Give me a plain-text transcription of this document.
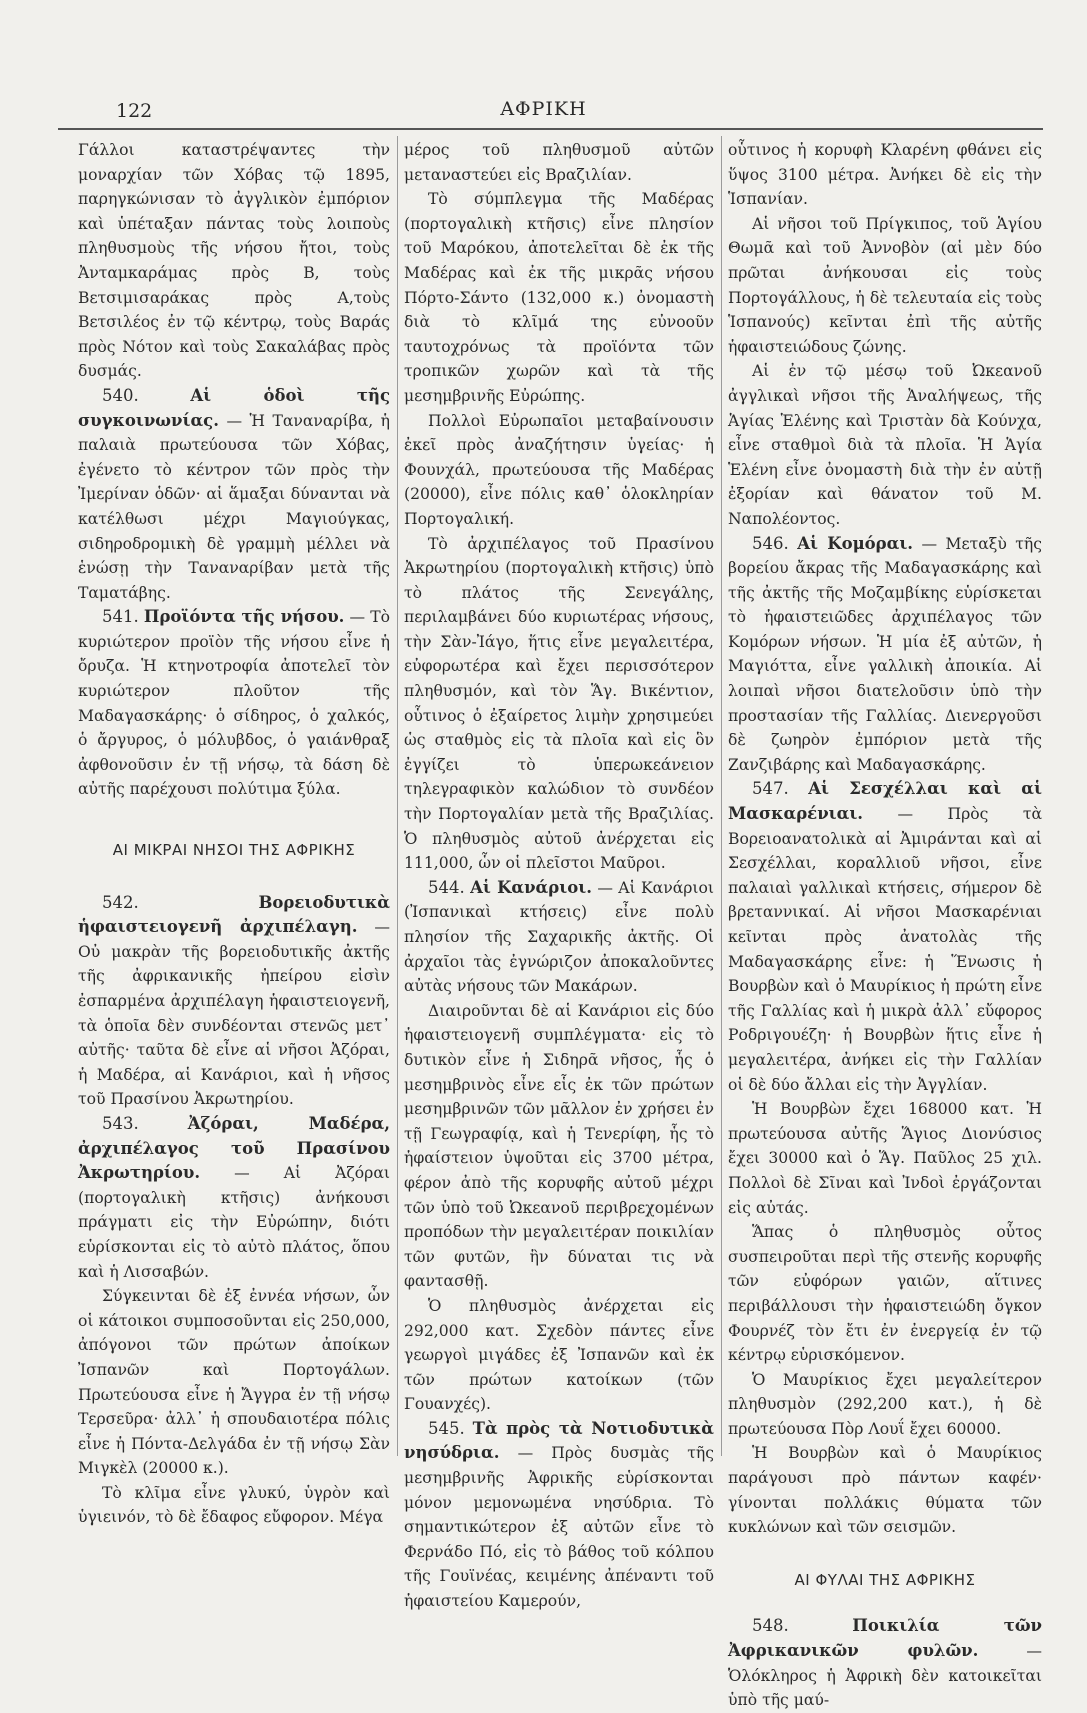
122	ΑΦΡΙΚΗ

Γάλλοι καταστρέψαντες τὴν μοναρχίαν τῶν Χόβας τῷ 1895, παρηγκώνισαν τὸ ἀγγλικὸν ἐμπόριον καὶ ὑπέταξαν πάντας τοὺς λοιποὺς πληθυσμοὺς τῆς νήσου ἤτοι, τοὺς Ἀνταμκαράμας πρὸς Β, τοὺς Βετσιμισαράκας πρὸς Α,τοὺς Βετσιλέος ἐν τῷ κέντρῳ, τοὺς Βαράς πρὸς Νότον καὶ τοὺς Σακαλάβας πρὸς δυσμάς.

540.	Αἱ ὁδοὶ τῆς συγκοινωνίας. — Ἡ Ταναναρίβα, ἡ παλαιὰ πρωτεύουσα τῶν Χόβας, ἐγένετο τὸ κέντρον τῶν πρὸς τὴν Ἰμερίναν ὁδῶν· αἱ ἅμαξαι δύνανται νὰ κατέλθωσι μέχρι Μαγιούγκας, σιδηροδρομικὴ δὲ γραμμὴ μέλλει νὰ ἑνώσῃ τὴν Ταναναρίβαν μετὰ τῆς Ταματάβης.

541. Προϊόντα τῆς νήσου. — Τὸ κυριώτερον προϊὸν τῆς νήσου εἶνε ἡ ὄρυζα. Ἡ κτηνοτροφία ἀποτελεῖ τὸν κυριώτερον πλοῦτον τῆς Μαδαγασκάρης· ὁ σίδηρος, ὁ χαλκός, ὁ ἄργυρος, ὁ μόλυβδος, ὁ γαιάνθραξ ἀφθονοῦσιν ἐν τῇ νήσῳ, τὰ δάση δὲ αὐτῆς παρέχουσι πολύτιμα ξύλα.

ΑΙ ΜΙΚΡΑΙ ΝΗΣΟΙ ΤΗΣ ΑΦΡΙΚΗΣ

542.	Βορειοδυτικὰ ἡφαιστειογενῆ ἀρχιπέλαγη. — Οὐ μακρὰν τῆς βορειοδυτικῆς ἀκτῆς τῆς ἀφρικανικῆς ἠπείρου εἰσὶν ἐσπαρμένα ἀρχιπέλαγη ἡφαιστειογενῆ, τὰ ὁποῖα δὲν συνδέονται στενῶς μετ᾽ αὐτῆς· ταῦτα δὲ εἶνε αἱ νῆσοι Ἀζόραι, ἡ Μαδέρα, αἱ Κανάριοι, καὶ ἡ νῆσος τοῦ Πρασίνου Ἀκρωτηρίου.

543.	Ἀζόραι, Μαδέρα, ἀρχιπέλαγος τοῦ Πρασίνου Ἀκρωτηρίου. — Αἱ Ἀζόραι (πορτογαλικὴ κτῆσις) ἀνήκουσι πράγματι εἰς τὴν Εὐρώπην, διότι εὑρίσκονται εἰς τὸ αὐτὸ πλάτος, ὅπου καὶ ἡ Λισσαβών.

Σύγκεινται δὲ ἐξ ἐννέα νήσων, ὧν οἱ κάτοικοι συμποσοῦνται εἰς 250,000, ἀπόγονοι τῶν πρώτων ἀποίκων Ἰσπανῶν καὶ Πορτογάλων. Πρωτεύουσα εἶνε ἡ Ἄγγρα ἐν τῇ νήσῳ Τερσεῦρα· ἀλλ᾽ ἡ σπουδαιοτέρα πόλις εἶνε ἡ Πόντα-Δελγάδα ἐν τῇ νήσῳ Σὰν Μιγκὲλ (20000 κ.).

Τὸ κλῖμα εἶνε γλυκύ, ὑγρὸν καὶ ὑγιεινόν, τὸ δὲ ἔδαφος εὔφορον. Μέγα

μέρος τοῦ πληθυσμοῦ αὐτῶν μεταναστεύει εἰς Βραζιλίαν.

Τὸ σύμπλεγμα τῆς Μαδέρας (πορτογαλικὴ κτῆσις) εἶνε πλησίον τοῦ Μαρόκου, ἀποτελεῖται δὲ ἐκ τῆς Μαδέρας καὶ ἐκ τῆς μικρᾶς νήσου Πόρτο-Σάντο (132,000 κ.) ὀνομαστὴ διὰ τὸ κλῖμά της εὐνοοῦν ταυτοχρόνως τὰ προϊόντα τῶν τροπικῶν χωρῶν καὶ τὰ τῆς μεσημβρινῆς Εὐρώπης.

Πολλοὶ Εὐρωπαῖοι μεταβαίνουσιν ἐκεῖ πρὸς ἀναζήτησιν ὑγείας· ἡ Φουνχάλ, πρωτεύουσα τῆς Μαδέρας (20000), εἶνε πόλις καθ᾽ ὁλοκληρίαν Πορτογαλική.

Τὸ ἀρχιπέλαγος τοῦ Πρασίνου Ἀκρωτηρίου (πορτογαλικὴ κτῆσις) ὑπὸ τὸ πλάτος τῆς Σενεγάλης, περιλαμβάνει δύο κυριωτέρας νήσους, τὴν Σὰν-Ἰάγο, ἥτις εἶνε μεγαλειτέρα, εὐφορωτέρα καὶ ἔχει περισσότερον πληθυσμόν, καὶ τὸν Ἅγ. Βικέντιον, οὗτινος ὁ ἐξαίρετος λιμὴν χρησιμεύει ὡς σταθμὸς εἰς τὰ πλοῖα καὶ εἰς ὃν ἐγγίζει τὸ ὑπερωκεάνειον τηλεγραφικὸν καλώδιον τὸ συνδέον τὴν Πορτογαλίαν μετὰ τῆς Βραζιλίας. Ὁ πληθυσμὸς αὐτοῦ ἀνέρχεται εἰς 111,000, ὧν οἱ πλεῖστοι Μαῦροι.

544. Αἱ Κανάριοι. — Αἱ Κανάριοι (Ἰσπανικαὶ κτήσεις) εἶνε πολὺ πλησίον τῆς Σαχαρικῆς ἀκτῆς. Οἱ ἀρχαῖοι τὰς ἐγνώριζον ἀποκαλοῦντες αὐτὰς νήσους τῶν Μακάρων.

Διαιροῦνται δὲ αἱ Κανάριοι εἰς δύο ἡφαιστειογενῆ συμπλέγματα· εἰς τὸ δυτικὸν εἶνε ἡ Σιδηρᾶ νῆσος, ἧς ὁ μεσημβρινὸς εἶνε εἷς ἐκ τῶν πρώτων μεσημβρινῶν τῶν μᾶλλον ἐν χρήσει ἐν τῇ Γεωγραφίᾳ, καὶ ἡ Τενερίφη, ἧς τὸ ἡφαίστειον ὑψοῦται εἰς 3700 μέτρα, φέρον ἀπὸ τῆς κορυφῆς αὐτοῦ μέχρι τῶν ὑπὸ τοῦ Ὠκεανοῦ περιβρεχομένων προπόδων τὴν μεγαλειτέραν ποικιλίαν τῶν φυτῶν, ἣν δύναται τις νὰ φαντασθῇ.

Ὁ πληθυσμὸς ἀνέρχεται εἰς 292,000 κατ. Σχεδὸν πάντες εἶνε γεωργοὶ μιγάδες ἐξ Ἰσπανῶν καὶ ἐκ τῶν πρώτων κατοίκων (τῶν Γουανχές).

545. Τὰ πρὸς τὰ Νοτιοδυτικὰ νησύδρια. — Πρὸς δυσμὰς τῆς μεσημβρινῆς Ἀφρικῆς εὑρίσκονται μόνον μεμονωμένα νησύδρια. Τὸ σημαντικώτερον ἐξ αὐτῶν εἶνε τὸ Φερνάδο Πό, εἰς τὸ βάθος τοῦ κόλπου τῆς Γουϊνέας, κειμένης ἀπέναντι τοῦ ἡφαιστείου Καμερούν,

οὗτινος ἡ κορυφὴ Κλαρένη φθάνει εἰς ὕψος 3100 μέτρα. Ἀνήκει δὲ εἰς τὴν Ἱσπανίαν.

Αἱ νῆσοι τοῦ Πρίγκιπος, τοῦ Ἁγίου Θωμᾶ καὶ τοῦ Ἀννοβὸν (αἱ μὲν δύο πρῶται ἀνήκουσαι εἰς τοὺς Πορτογάλλους, ἡ δὲ τελευταία εἰς τοὺς Ἱσπανούς) κεῖνται ἐπὶ τῆς αὐτῆς ἡφαιστειώδους ζώνης.

Αἱ ἐν τῷ μέσῳ τοῦ Ὠκεανοῦ ἀγγλικαὶ νῆσοι τῆς Ἀναλήψεως, τῆς Ἁγίας Ἑλένης καὶ Τριστὰν δὰ Κούνχα, εἶνε σταθμοὶ διὰ τὰ πλοῖα. Ἡ Ἁγία Ἑλένη εἶνε ὀνομαστὴ διὰ τὴν ἐν αὐτῇ ἐξορίαν καὶ θάνατον τοῦ Μ. Ναπολέοντος.

546. Αἱ Κομόραι. — Μεταξὺ τῆς βορείου ἄκρας τῆς Μαδαγασκάρης καὶ τῆς ἀκτῆς τῆς Μοζαμβίκης εὑρίσκεται τὸ ἡφαιστειῶδες ἀρχιπέλαγος τῶν Κομόρων νήσων. Ἡ μία ἐξ αὐτῶν, ἡ Μαγιόττα, εἶνε γαλλικὴ ἀποικία. Αἱ λοιπαὶ νῆσοι διατελοῦσιν ὑπὸ τὴν προστασίαν τῆς Γαλλίας. Διενεργοῦσι δὲ ζωηρὸν ἐμπόριον μετὰ τῆς Ζανζιβάρης καὶ Μαδαγασκάρης.

547. Αἱ Σεσχέλλαι καὶ αἱ Μασκαρένιαι. — Πρὸς τὰ Βορειοανατολικὰ αἱ Ἀμιράνται καὶ αἱ Σεσχέλλαι, κοραλλιοῦ νῆσοι, εἶνε παλαιαὶ γαλλικαὶ κτήσεις, σήμερον δὲ βρεταννικαί. Αἱ νῆσοι Μασκαρένιαι κεῖνται πρὸς ἀνατολὰς τῆς Μαδαγασκάρης εἶνε: ἡ Ἕνωσις ἡ Βουρβὼν καὶ ὁ Μαυρίκιος ἡ πρώτη εἶνε τῆς Γαλλίας καὶ ἡ μικρὰ ἀλλ᾽ εὔφορος Ροδριγουέζη· ἡ Βουρβὼν ἥτις εἶνε ἡ μεγαλειτέρα, ἀνήκει εἰς τὴν Γαλλίαν οἱ δὲ δύο ἄλλαι εἰς τὴν Ἀγγλίαν.

Ἡ Βουρβὼν ἔχει 168000 κατ. Ἡ πρωτεύουσα αὐτῆς Ἅγιος Διονύσιος ἔχει 30000 καὶ ὁ Ἅγ. Παῦλος 25 χιλ. Πολλοὶ δὲ Σῖναι καὶ Ἰνδοὶ ἐργάζονται εἰς αὐτάς.

Ἅπας ὁ πληθυσμὸς οὗτος συσπειροῦται περὶ τῆς στενῆς κορυφῆς τῶν εὐφόρων γαιῶν, αἵτινες περιβάλλουσι τὴν ἡφαιστειώδη ὄγκον Φουρνέζ τὸν ἔτι ἐν ἐνεργείᾳ ἐν τῷ κέντρῳ εὑρισκόμενον.

Ὁ Μαυρίκιος ἔχει μεγαλείτερον πληθυσμὸν (292,200 κατ.), ἡ δὲ πρωτεύουσα Πὸρ Λουΐ ἔχει 60000.

Ἡ Βουρβὼν καὶ ὁ Μαυρίκιος παράγουσι πρὸ πάντων καφέν· γίνονται πολλάκις θύματα τῶν κυκλώνων καὶ τῶν σεισμῶν.

ΑΙ ΦΥΛΑΙ ΤΗΣ ΑΦΡΙΚΗΣ

548.	Ποικιλία τῶν Ἀφρικανικῶν φυλῶν.	— Ὁλόκληρος ἡ Ἀφρικὴ δὲν κατοικεῖται ὑπὸ τῆς μαύ-
